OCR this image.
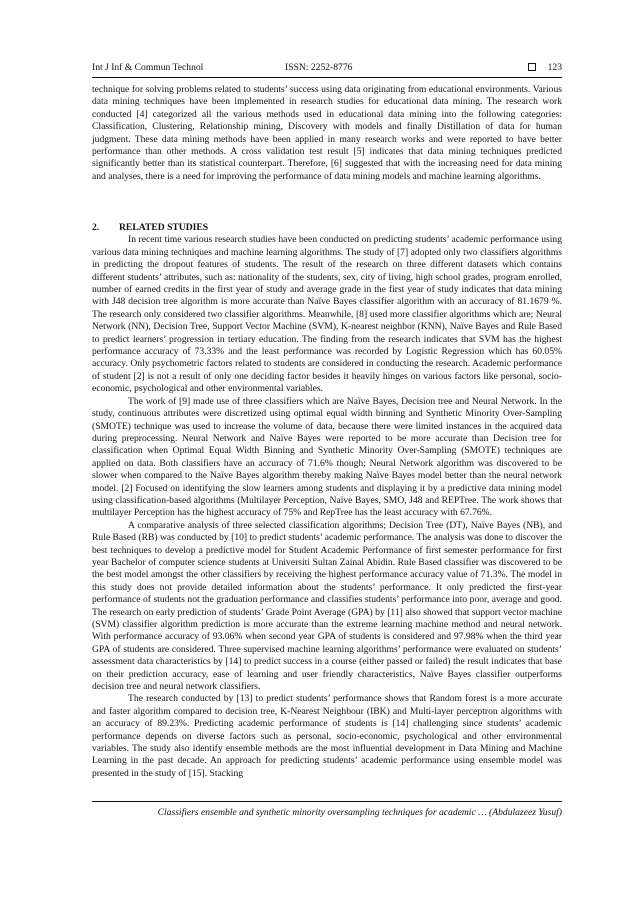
Int J Inf & Commun Technol	ISSN: 2252-8776	123

technique for solving problems related to students’ success using data originating from educational environments. Various data mining techniques have been implemented in research studies for educational data mining. The research work conducted [4] categorized all the various methods used in educational data mining into the following categories: Classification, Clustering, Relationship mining, Discovery with models and finally Distillation of data for human judgment. These data mining methods have been applied in many research works and were reported to have better performance than other methods. A cross validation test result [5] indicates that data mining techniques predicted significantly better than its statistical counterpart. Therefore, [6] suggested that with the increasing need for data mining and analyses, there is a need for improving the performance of data mining models and machine learning algorithms.

2. RELATED STUDIES

In recent time various research studies have been conducted on predicting students’ academic performance using various data mining techniques and machine learning algorithms. The study of [7] adopted only two classifiers algorithms in predicting the dropout features of students. The result of the research on three different datasets which contains different students’ attributes, such as: nationality of the students, sex, city of living, high school grades, program enrolled, number of earned credits in the first year of study and average grade in the first year of study indicates that data mining with J48 decision tree algorithm is more accurate than Naïve Bayes classifier algorithm with an accuracy of 81.1679 %. The research only considered two classifier algorithms. Meanwhile, [8] used more classifier algorithms which are; Neural Network (NN), Decision Tree, Support Vector Machine (SVM), K-nearest neighbor (KNN), Naïve Bayes and Rule Based to predict learners’ progression in tertiary education. The finding from the research indicates that SVM has the highest performance accuracy of 73.33% and the least performance was recorded by Logistic Regression which has 60.05% accuracy. Only psychometric factors related to students are considered in conducting the research. Academic performance of student [2] is not a result of only one deciding factor besides it heavily hinges on various factors like personal, socio-economic, psychological and other environmental variables.

The work of [9] made use of three classifiers which are Naïve Bayes, Decision tree and Neural Network. In the study, continuous attributes were discretized using optimal equal width binning and Synthetic Minority Over-Sampling (SMOTE) technique was used to increase the volume of data, because there were limited instances in the acquired data during preprocessing. Neural Network and Naïve Bayes were reported to be more accurate than Decision tree for classification when Optimal Equal Width Binning and Synthetic Minority Over-Sampling (SMOTE) techniques are applied on data. Both classifiers have an accuracy of 71.6% though; Neural Network algorithm was discovered to be slower when compared to the Naïve Bayes algorithm thereby making Naïve Bayes model better than the neural network model. [2] Focused on identifying the slow learners among students and displaying it by a predictive data mining model using classification-based algorithms (Multilayer Perception, Naïve Bayes, SMO, J48 and REPTree. The work shows that multilayer Perception has the highest accuracy of 75% and RepTree has the least accuracy with 67.76%.

A comparative analysis of three selected classification algorithms; Decision Tree (DT), Naïve Bayes (NB), and Rule Based (RB) was conducted by [10] to predict students’ academic performance. The analysis was done to discover the best techniques to develop a predictive model for Student Academic Performance of first semester performance for first year Bachelor of computer science students at Universiti Sultan Zainal Abidin. Rule Based classifier was discovered to be the best model amongst the other classifiers by receiving the highest performance accuracy value of 71.3%. The model in this study does not provide detailed information about the students’ performance. It only predicted the first-year performance of students not the graduation performance and classifies students’ performance into poor, average and good. The research on early prediction of students’ Grade Point Average (GPA) by [11] also showed that support vector machine (SVM) classifier algorithm prediction is more accurate than the extreme learning machine method and neural network. With performance accuracy of 93.06% when second year GPA of students is considered and 97.98% when the third year GPA of students are considered. Three supervised machine learning algorithms’ performance were evaluated on students’ assessment data characteristics by [14] to predict success in a course (either passed or failed) the result indicates that base on their prediction accuracy, ease of learning and user friendly characteristics, Naïve Bayes classifier outperforms decision tree and neural network classifiers.

The research conducted by [13] to predict students’ performance shows that Random forest is a more accurate and faster algorithm compared to decision tree, K-Nearest Neighbour (IBK) and Multi-layer perceptron algorithms with an accuracy of 89.23%. Predicting academic performance of students is [14] challenging since students’ academic performance depends on diverse factors such as personal, socio-economic, psychological and other environmental variables. The study also identify ensemble methods are the most influential development in Data Mining and Machine Learning in the past decade. An approach for predicting students’ academic performance using ensemble model was presented in the study of [15]. Stacking

Classifiers ensemble and synthetic minority oversampling techniques for academic … (Abdulazeez Yusuf)
